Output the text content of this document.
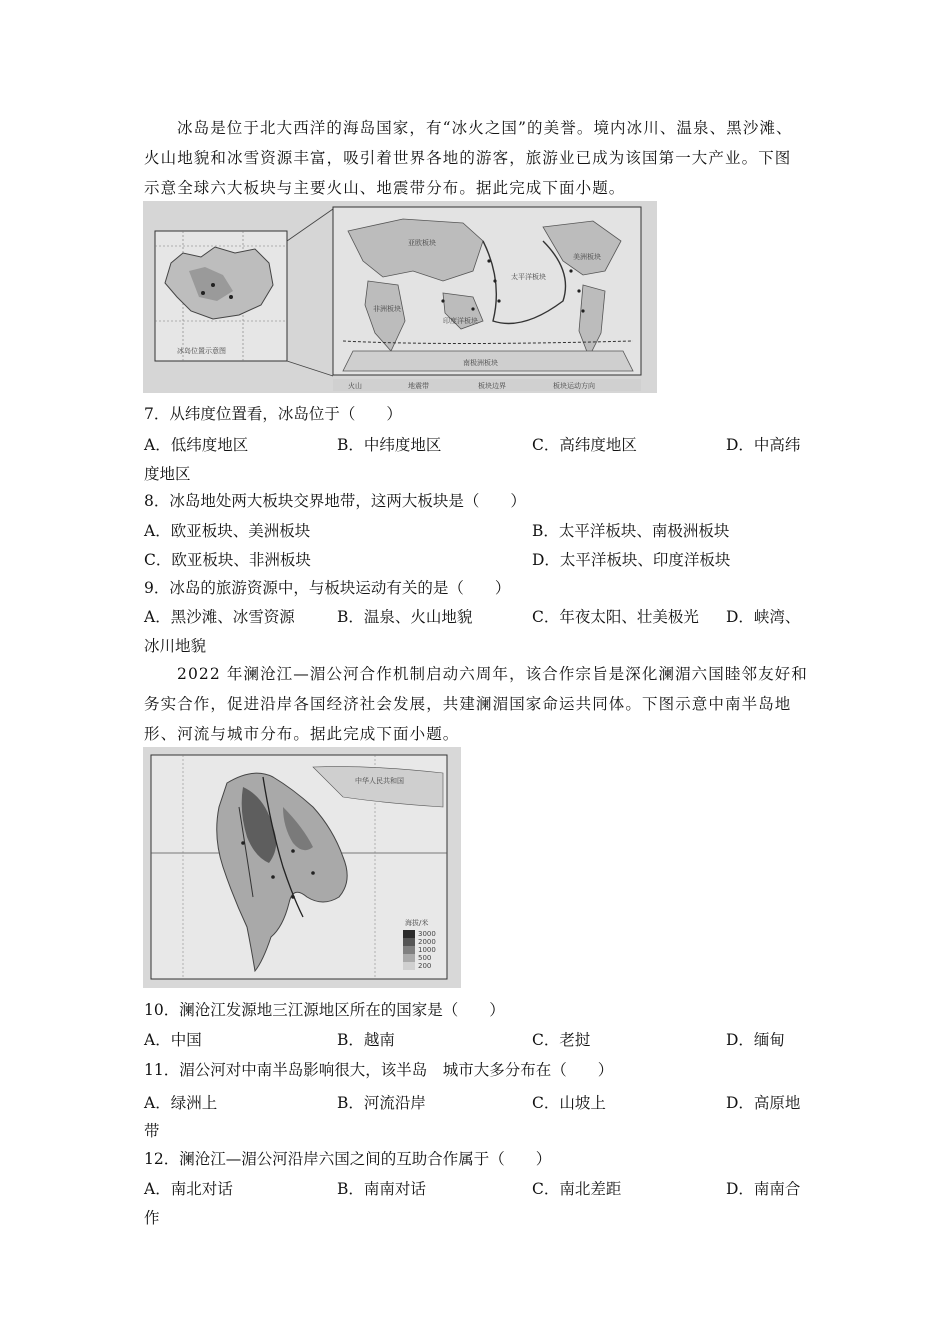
冰岛是位于北大西洋的海岛国家，有“冰火之国”的美誉。境内冰川、温泉、黑沙滩、
火山地貌和冰雪资源丰富，吸引着世界各地的游客，旅游业已成为该国第一大产业。下图
示意全球六大板块与主要火山、地震带分布。据此完成下面小题。
冰岛位置示意图
火山	地震带	板块边界	板块运动方向
亚欧板块
太平洋板块
美洲板块
非洲板块
印度洋板块
南极洲板块
7．从纬度位置看，冰岛位于（　　）
A．低纬度地区	B．中纬度地区	C．高纬度地区	D．中高纬
度地区
8．冰岛地处两大板块交界地带，这两大板块是（　　）
A．欧亚板块、美洲板块	B．太平洋板块、南极洲板块
C．欧亚板块、非洲板块	D．太平洋板块、印度洋板块
9．冰岛的旅游资源中，与板块运动有关的是（　　）
A．黑沙滩、冰雪资源	B．温泉、火山地貌	C．年夜太阳、壮美极光 D．峡湾、
冰川地貌
2022 年澜沧江—湄公河合作机制启动六周年，该合作宗旨是深化澜湄六国睦邻友好和
务实合作，促进沿岸各国经济社会发展，共建澜湄国家命运共同体。下图示意中南半岛地
形、河流与城市分布。据此完成下面小题。
中华人民共和国
海拔/米
3000
2000
1000
500
200
10．澜沧江发源地三江源地区所在的国家是（　　）
A．中国	B．越南	C．老挝	D．缅甸
11．湄公河对中南半岛影响很大，该半岛　城市大多分布在（　　）
A．绿洲上	B．河流沿岸	C．山坡上	D．高原地
带
12．澜沧江—湄公河沿岸六国之间的互助合作属于（　　）
A．南北对话	B．南南对话	C．南北差距	D．南南合
作
